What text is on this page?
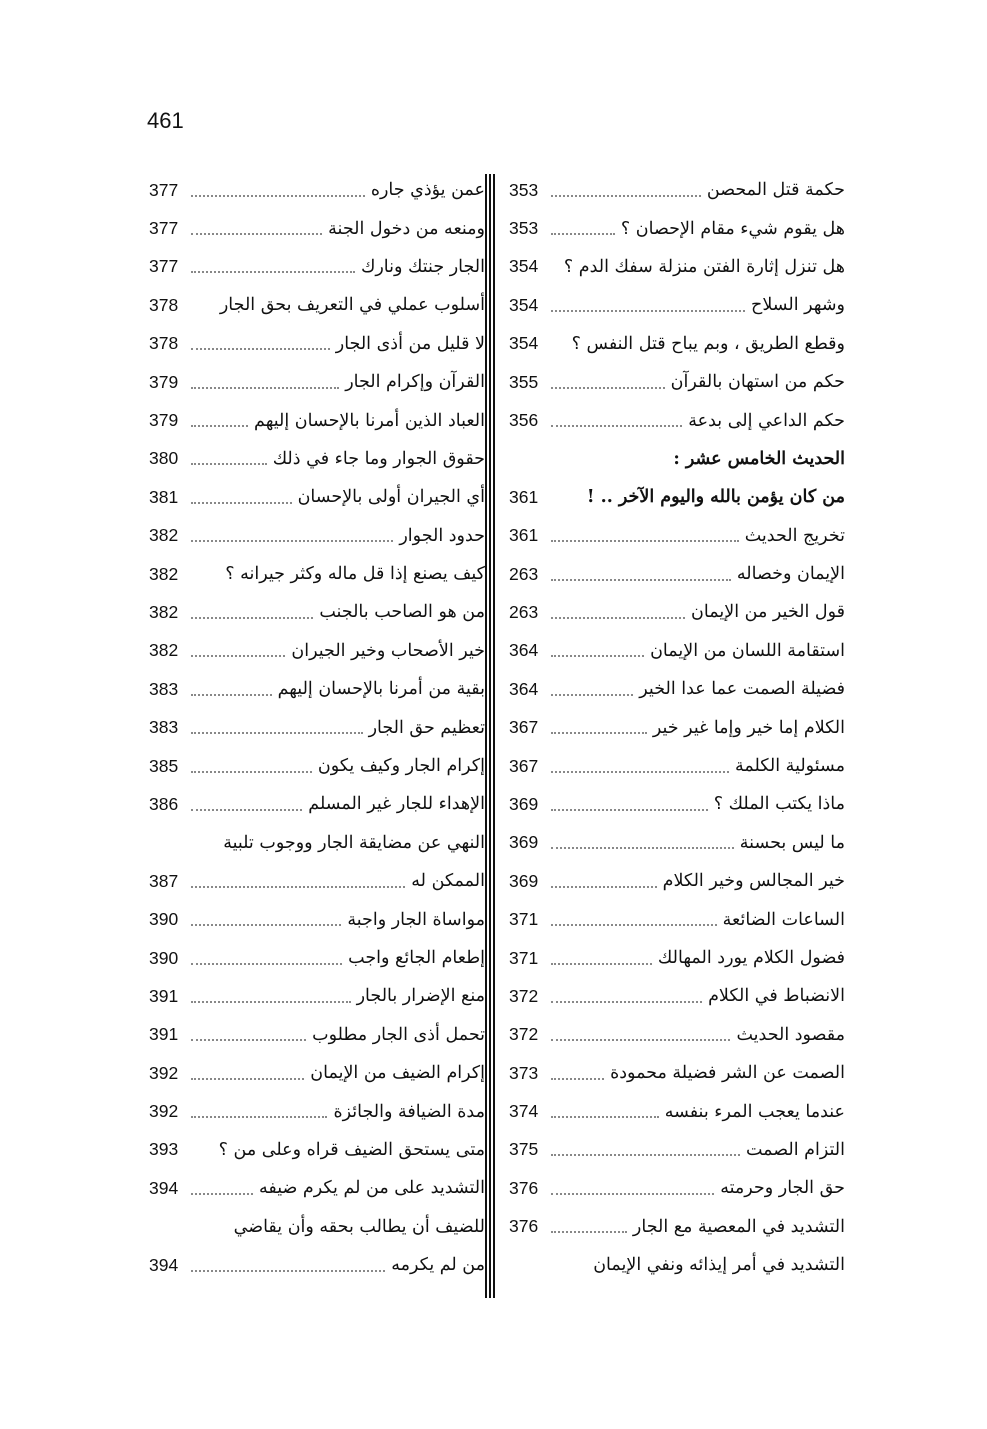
461
حكمة قتل المحصن
353
هل يقوم شيء مقام الإحصان ؟
353
هل تنزل إثارة الفتن منزلة سفك الدم ؟
354
وشهر السلاح
354
وقطع الطريق ، وبم يباح قتل النفس ؟
354
حكم من استهان بالقرآن
355
حكم الداعي إلى بدعة
356
الحديث الخامس عشر :
من كان يؤمن بالله واليوم الآخر .. !
361
تخريج الحديث
361
الإيمان وخصاله
263
قول الخير من الإيمان
263
استقامة اللسان من الإيمان
364
فضيلة الصمت عما عدا الخير
364
الكلام إما خير وإما غير خير
367
مسئولية الكلمة
367
ماذا يكتب الملك ؟
369
ما ليس بحسنة
369
خير المجالس وخير الكلام
369
الساعات الضائعة
371
فضول الكلام يورد المهالك
371
الانضباط في الكلام
372
مقصود الحديث
372
الصمت عن الشر فضيلة محمودة
373
عندما يعجب المرء بنفسه
374
التزام الصمت
375
حق الجار وحرمته
376
التشديد في المعصية مع الجار
376
التشديد في أمر إيذائه ونفي الإيمان
عمن يؤذي جاره
377
ومنعه من دخول الجنة
377
الجار جنتك ونارك
377
أسلوب عملي في التعريف بحق الجار
378
لا قليل من أذى الجار
378
القرآن وإكرام الجار
379
العباد الذين أمرنا بالإحسان إليهم
379
حقوق الجوار وما جاء في ذلك
380
أي الجيران أولى بالإحسان
381
حدود الجوار
382
كيف يصنع إذا قل ماله وكثر جيرانه ؟
382
من هو الصاحب بالجنب
382
خير الأصحاب وخير الجيران
382
بقية من أمرنا بالإحسان إليهم
383
تعظيم حق الجار
383
إكرام الجار وكيف يكون
385
الإهداء للجار غير المسلم
386
النهي عن مضايقة الجار ووجوب تلبية
الممكن له
387
مواساة الجار واجبة
390
إطعام الجائع واجب
390
منع الإضرار بالجار
391
تحمل أذى الجار مطلوب
391
إكرام الضيف من الإيمان
392
مدة الضيافة والجائزة
392
متى يستحق الضيف قراه وعلى من ؟
393
التشديد على من لم يكرم ضيفه
394
للضيف أن يطالب بحقه وأن يقاضي
من لم يكرمه
394
